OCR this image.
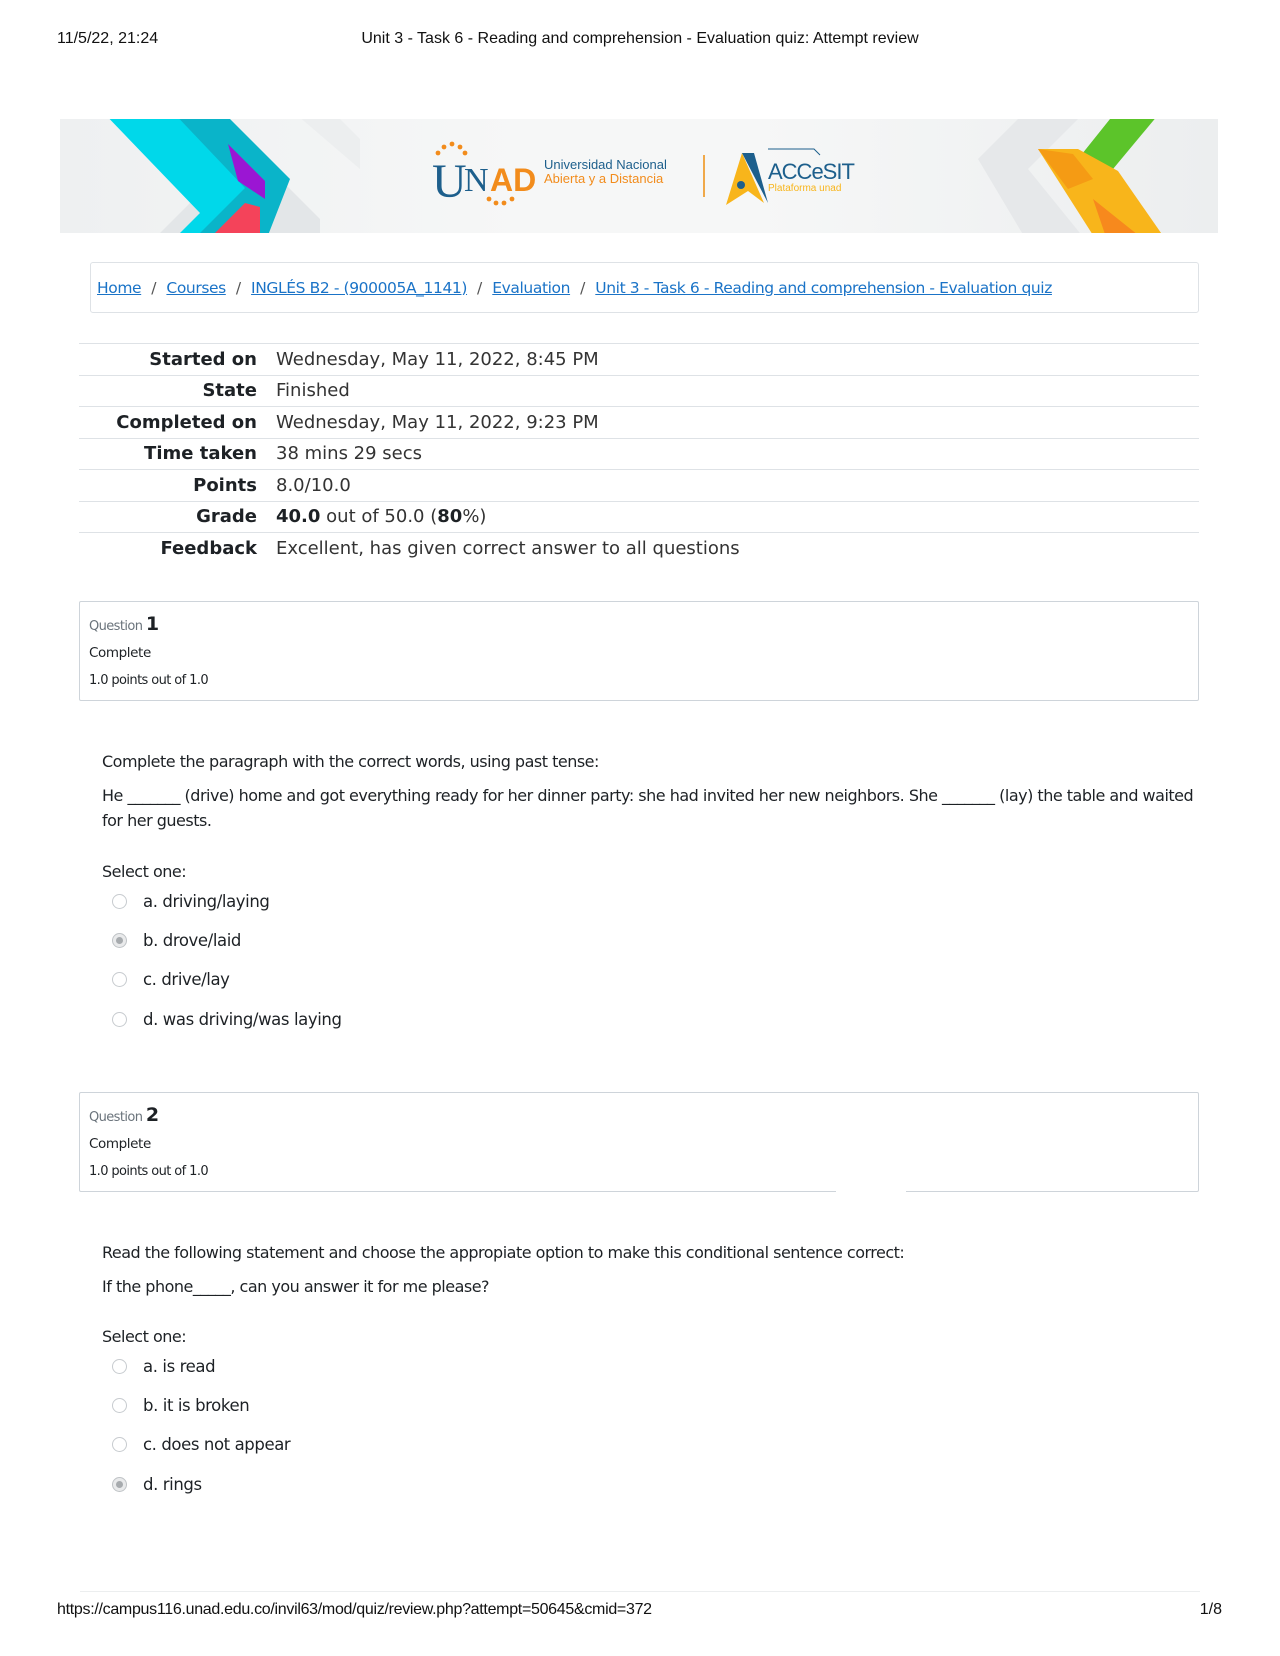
11/5/22, 21:24	Unit 3 - Task 6 - Reading and comprehension - Evaluation quiz: Attempt review
U
N AD Universidad Nacional
Abierta y a Distancia	ACCeSIT
Plataforma unad
Home / Courses / INGLÉS B2 - (900005A_1141) / Evaluation / Unit 3 - Task 6 - Reading and comprehension - Evaluation quiz
Started on	Wednesday, May 11, 2022, 8:45 PM
State	Finished
Completed on	Wednesday, May 11, 2022, 9:23 PM
Time taken	38 mins 29 secs
Points	8.0/10.0
Grade	40.0 out of 50.0 (80%)
Feedback	Excellent, has given correct answer to all questions
Question 1
Complete
1.0 points out of 1.0
Complete the paragraph with the correct words, using past tense:
He _______ (drive) home and got everything ready for her dinner party: she had invited her new neighbors. She _______ (lay) the table and waited for her guests.
Select one:
a. driving/laying
b. drove/laid
c. drive/lay
d. was driving/was laying
Question 2
Complete
1.0 points out of 1.0
Read the following statement and choose the appropiate option to make this conditional sentence correct:
If the phone_____, can you answer it for me please?
Select one:
a. is read
b. it is broken
c. does not appear
d. rings
https://campus116.unad.edu.co/invil63/mod/quiz/review.php?attempt=50645&cmid=372	1/8
